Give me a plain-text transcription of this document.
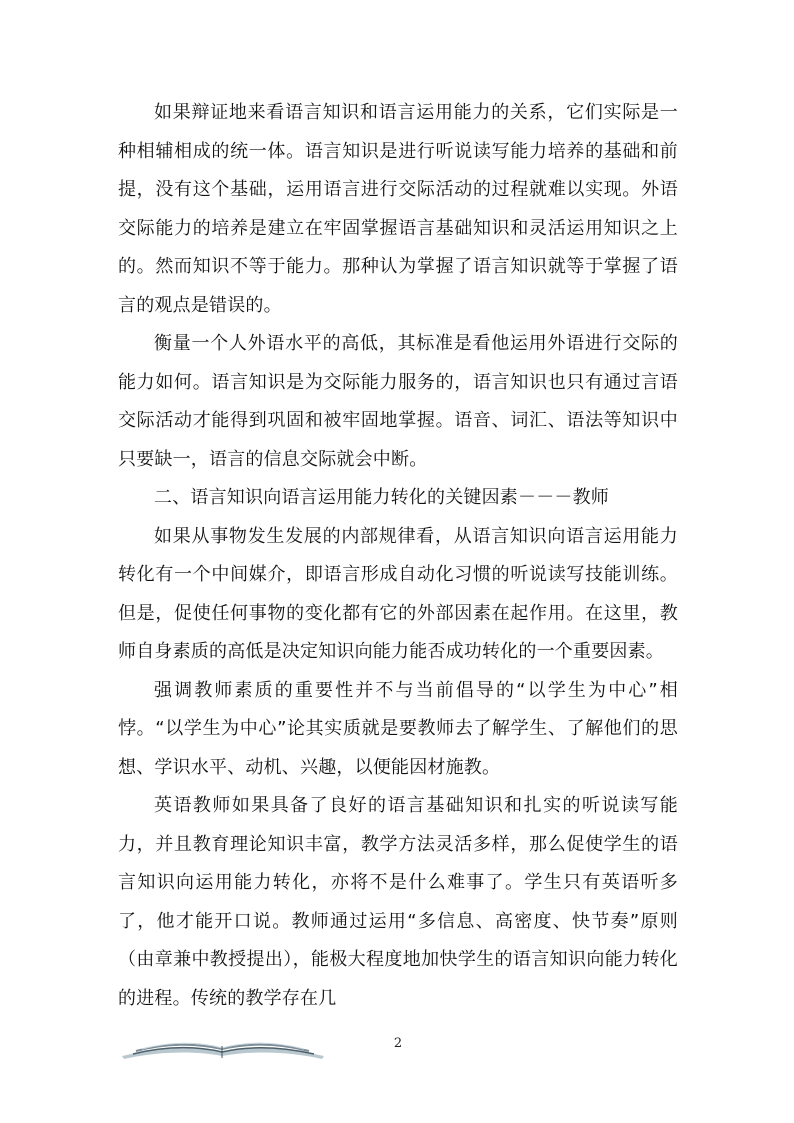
如果辩证地来看语言知识和语言运用能力的关系，它们实际是一种相辅相成的统一体。语言知识是进行听说读写能力培养的基础和前提，没有这个基础，运用语言进行交际活动的过程就难以实现。外语交际能力的培养是建立在牢固掌握语言基础知识和灵活运用知识之上的。然而知识不等于能力。那种认为掌握了语言知识就等于掌握了语言的观点是错误的。

衡量一个人外语水平的高低，其标准是看他运用外语进行交际的能力如何。语言知识是为交际能力服务的，语言知识也只有通过言语交际活动才能得到巩固和被牢固地掌握。语音、词汇、语法等知识中只要缺一，语言的信息交际就会中断。

二、语言知识向语言运用能力转化的关键因素－－－教师

如果从事物发生发展的内部规律看，从语言知识向语言运用能力转化有一个中间媒介，即语言形成自动化习惯的听说读写技能训练。但是，促使任何事物的变化都有它的外部因素在起作用。在这里，教师自身素质的高低是决定知识向能力能否成功转化的一个重要因素。

强调教师素质的重要性并不与当前倡导的“以学生为中心”相悖。“以学生为中心”论其实质就是要教师去了解学生、了解他们的思想、学识水平、动机、兴趣，以便能因材施教。

英语教师如果具备了良好的语言基础知识和扎实的听说读写能力，并且教育理论知识丰富，教学方法灵活多样，那么促使学生的语言知识向运用能力转化，亦将不是什么难事了。学生只有英语听多了，他才能开口说。教师通过运用“多信息、高密度、快节奏”原则（由章兼中教授提出），能极大程度地加快学生的语言知识向能力转化的进程。传统的教学存在几

2
